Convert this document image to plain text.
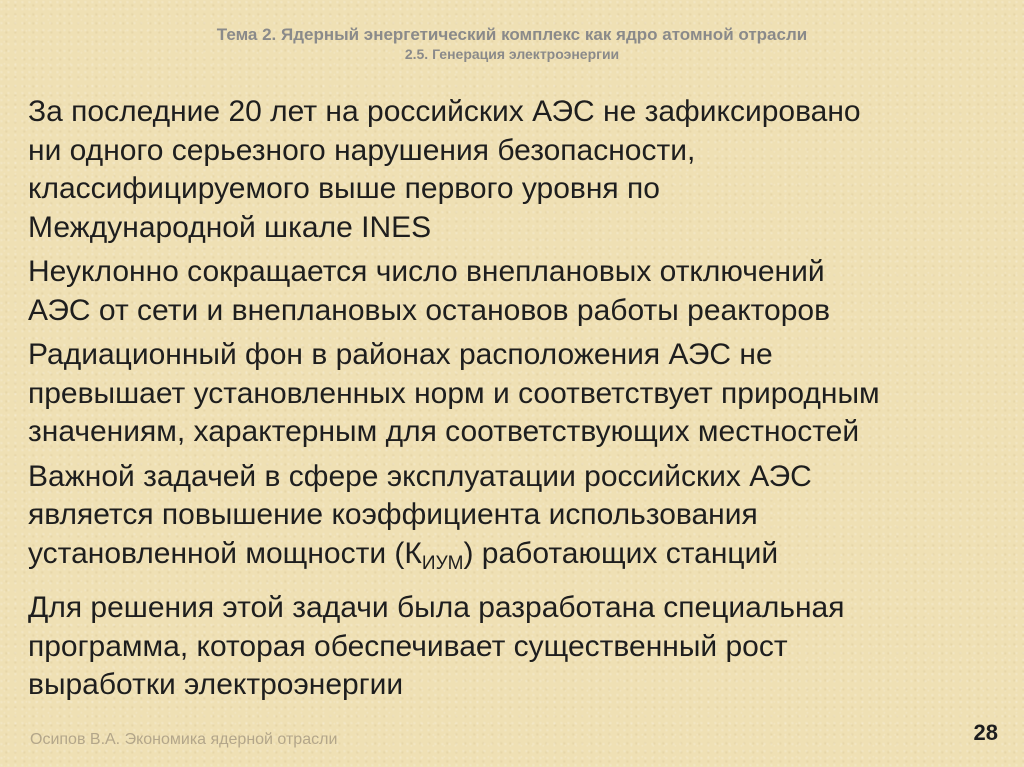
Тема 2. Ядерный энергетический комплекс как ядро атомной отрасли

2.5. Генерация электроэнергии

За последние 20 лет на российских АЭС не зафиксировано
ни одного серьезного нарушения безопасности,
классифицируемого выше первого уровня по
Международной шкале INES

Неуклонно сокращается число внеплановых отключений
АЭС от сети и внеплановых остановов работы реакторов

Радиационный фон в районах расположения АЭС не
превышает установленных норм и соответствует природным
значениям, характерным для соответствующих местностей

Важной задачей в сфере эксплуатации российских АЭС
является повышение коэффициента использования
установленной мощности $(К_{ИУМ})$ работающих станций

Для решения этой задачи была разработана специальная
программа, которая обеспечивает существенный рост
выработки электроэнергии

Осипов В.А. Экономика ядерной отрасли	28
